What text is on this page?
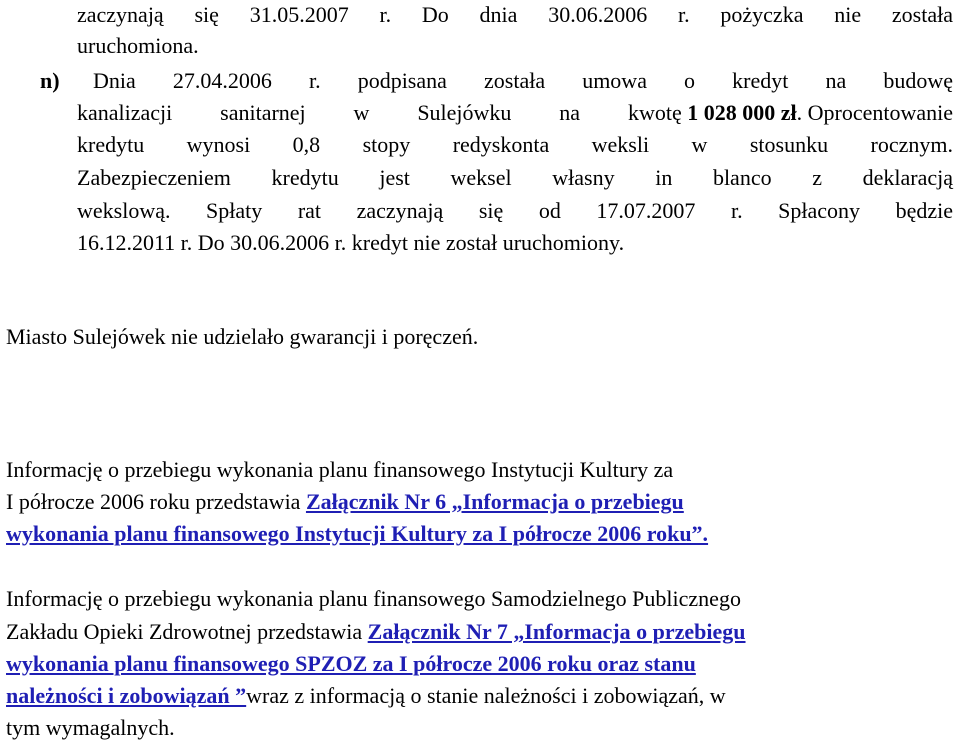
zaczynają się 31.05.2007 r. Do dnia 30.06.2006 r. pożyczka nie została
uruchomiona.
n) Dnia 27.04.2006 r. podpisana została umowa o kredyt na budowę
kanalizacji sanitarnej w Sulejówku na kwotę 1 028 000 zł . Oprocentowanie
kredytu wynosi 0,8 stopy redyskonta weksli w stosunku rocznym.
Zabezpieczeniem kredytu jest weksel własny in blanco z deklaracją
wekslową. Spłaty rat zaczynają się od 17.07.2007 r. Spłacony będzie
16.12.2011 r. Do 30.06.2006 r. kredyt nie został uruchomiony.
Miasto Sulejówek nie udzielało gwarancji i poręczeń.
Informację o przebiegu wykonania planu finansowego Instytucji Kultury za
I półrocze 2006 roku przedstawia Załącznik Nr 6 „Informacja o przebiegu
wykonania planu finansowego Instytucji Kultury za I półrocze 2006 roku”.
Informację o przebiegu wykonania planu finansowego Samodzielnego Publicznego
Zakładu Opieki Zdrowotnej przedstawia Załącznik Nr 7 „Informacja o przebiegu
wykonania planu finansowego SPZOZ za I półrocze 2006 roku oraz stanu
należności i zobowiązań ”wraz z informacją o stanie należności i zobowiązań, w
tym wymagalnych.
